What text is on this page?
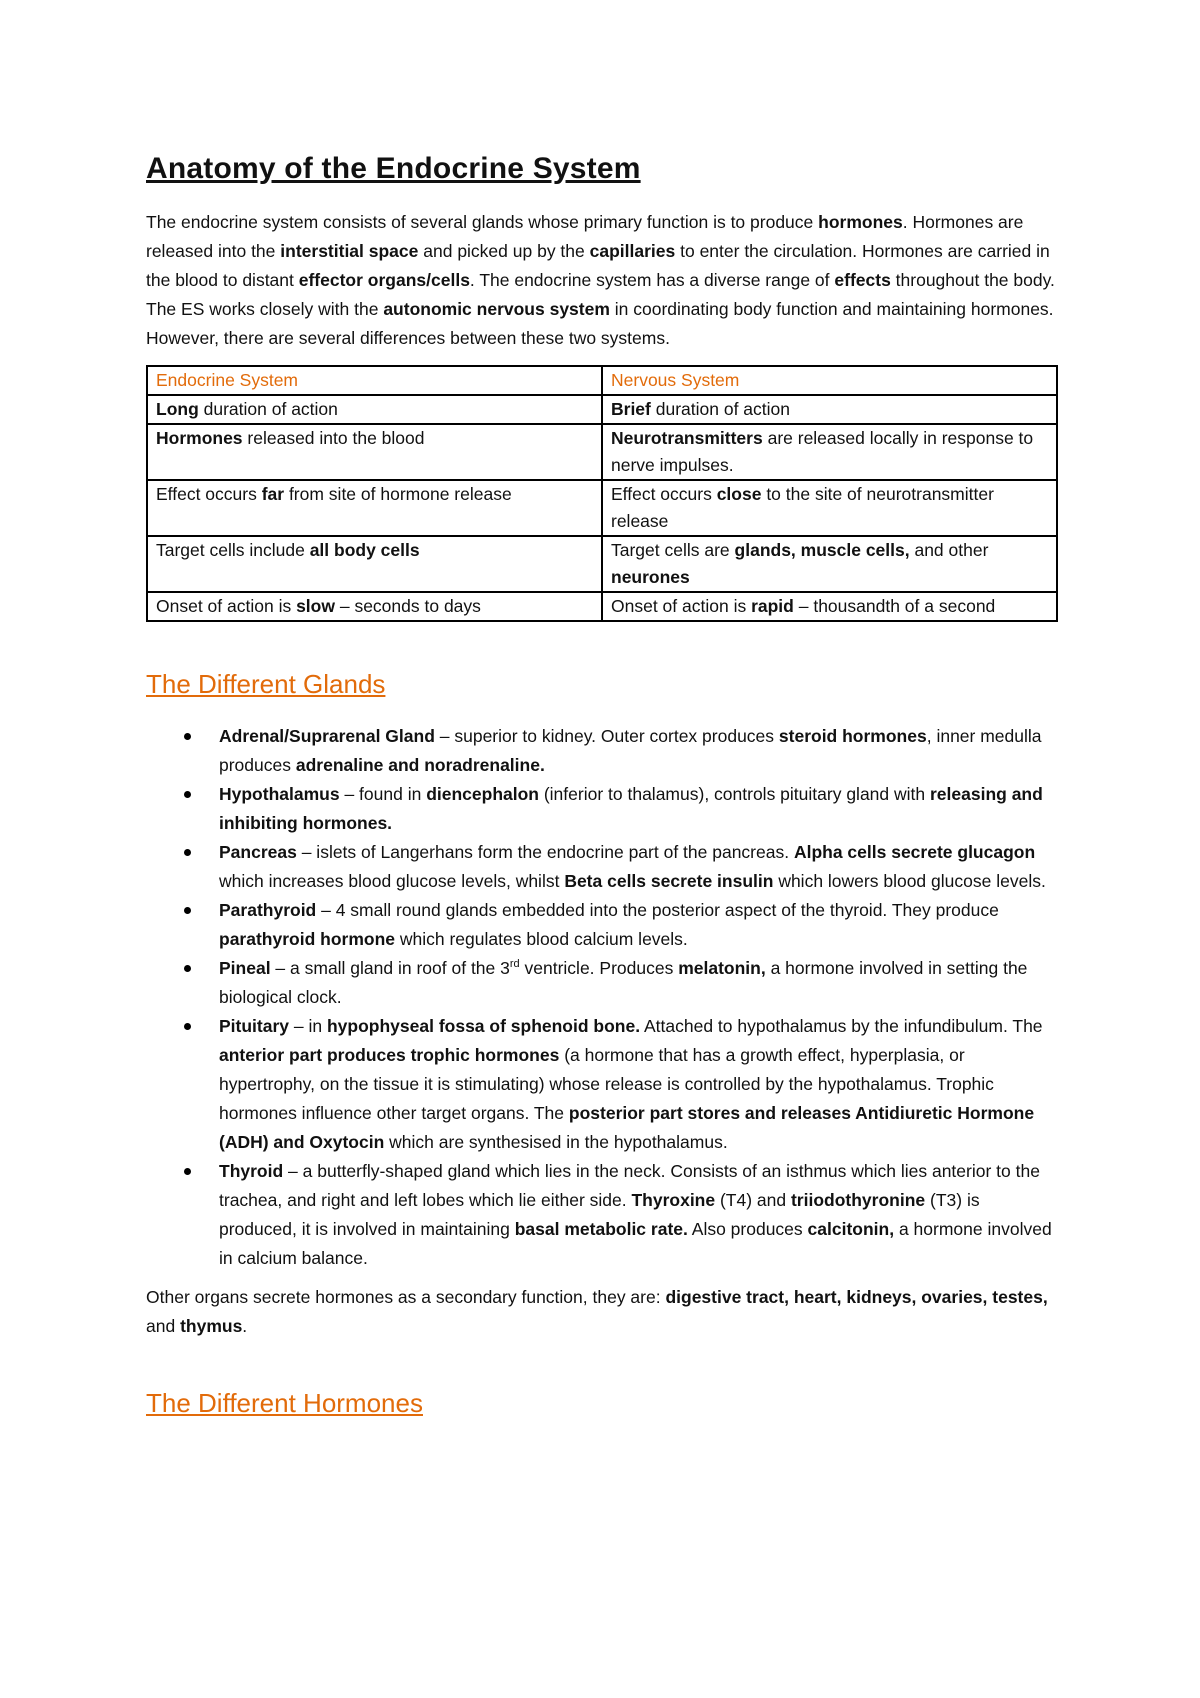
Anatomy of the Endocrine System

The endocrine system consists of several glands whose primary function is to produce hormones. Hormones are released into the interstitial space and picked up by the capillaries to enter the circulation. Hormones are carried in the blood to distant effector organs/cells. The endocrine system has a diverse range of effects throughout the body. The ES works closely with the autonomic nervous system in coordinating body function and maintaining hormones. However, there are several differences between these two systems.

Endocrine System	Nervous System
Long duration of action	Brief duration of action
Hormones released into the blood	Neurotransmitters are released locally in response to nerve impulses.
Effect occurs far from site of hormone release	Effect occurs close to the site of neurotransmitter release
Target cells include all body cells	Target cells are glands, muscle cells, and other neurones
Onset of action is slow – seconds to days	Onset of action is rapid – thousandth of a second
The Different Glands
Adrenal/Suprarenal Gland – superior to kidney. Outer cortex produces steroid hormones, inner medulla produces adrenaline and noradrenaline.
Hypothalamus – found in diencephalon (inferior to thalamus), controls pituitary gland with releasing and inhibiting hormones.
Pancreas – islets of Langerhans form the endocrine part of the pancreas. Alpha cells secrete glucagon which increases blood glucose levels, whilst Beta cells secrete insulin which lowers blood glucose levels.
Parathyroid – 4 small round glands embedded into the posterior aspect of the thyroid. They produce parathyroid hormone which regulates blood calcium levels.
Pineal – a small gland in roof of the 3rd ventricle. Produces melatonin, a hormone involved in setting the biological clock.
Pituitary – in hypophyseal fossa of sphenoid bone. Attached to hypothalamus by the infundibulum. The anterior part produces trophic hormones (a hormone that has a growth effect, hyperplasia, or hypertrophy, on the tissue it is stimulating) whose release is controlled by the hypothalamus. Trophic hormones influence other target organs. The posterior part stores and releases Antidiuretic Hormone (ADH) and Oxytocin which are synthesised in the hypothalamus.
Thyroid – a butterfly-shaped gland which lies in the neck. Consists of an isthmus which lies anterior to the trachea, and right and left lobes which lie either side. Thyroxine (T4) and triiodothyronine (T3) is produced, it is involved in maintaining basal metabolic rate. Also produces calcitonin, a hormone involved in calcium balance.

Other organs secrete hormones as a secondary function, they are: digestive tract, heart, kidneys, ovaries, testes, and thymus.

The Different Hormones
